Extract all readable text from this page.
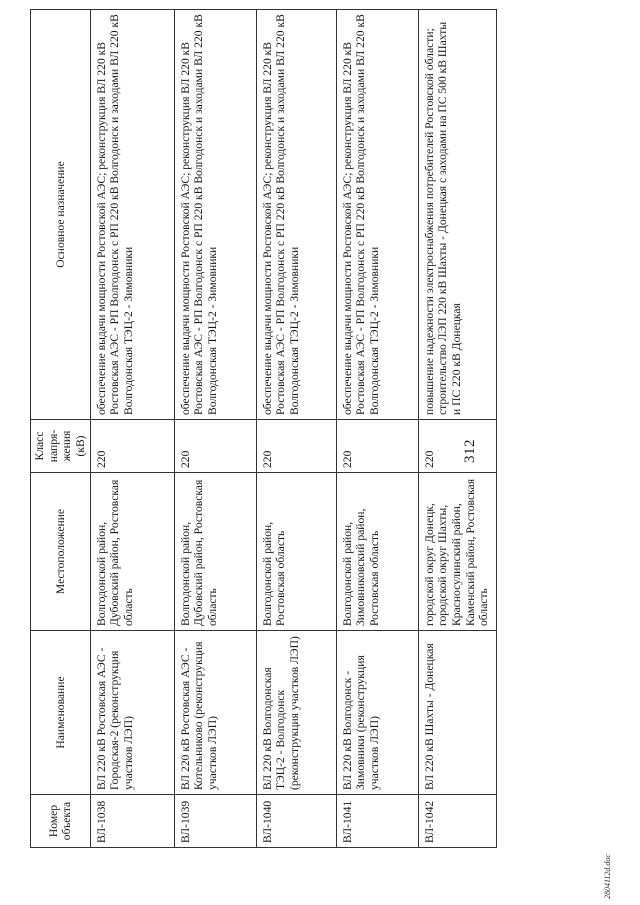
312
Номер объекта	Наименование	Местоположение	Класс напря-жения (кВ)	Основное назначение
ВЛ-1038	ВЛ 220 кВ Ростовская АЭС - Городская-2 (реконструкция участков ЛЭП)	Волгодонской район, Дубовский район, Ростовская область	220	обеспечение выдачи мощности Ростовской АЭС; реконструкция ВЛ 220 кВ Ростовская АЭС - РП Волгодонск с РП 220 кВ Волгодонск и заходами ВЛ 220 кВ Волгодонская ТЭЦ-2 - Зимовники
ВЛ-1039	ВЛ 220 кВ Ростовская АЭС - Котельниково (реконструкция участков ЛЭП)	Волгодонской район, Дубовский район, Ростовская область	220	обеспечение выдачи мощности Ростовской АЭС; реконструкция ВЛ 220 кВ Ростовская АЭС - РП Волгодонск с РП 220 кВ Волгодонск и заходами ВЛ 220 кВ Волгодонская ТЭЦ-2 - Зимовники
ВЛ-1040	ВЛ 220 кВ Волгодонская ТЭЦ-2 - Волгодонск (реконструкция участков ЛЭП)	Волгодонской район, Ростовская область	220	обеспечение выдачи мощности Ростовской АЭС; реконструкция ВЛ 220 кВ Ростовская АЭС - РП Волгодонск с РП 220 кВ Волгодонск и заходами ВЛ 220 кВ Волгодонская ТЭЦ-2 - Зимовники
ВЛ-1041	ВЛ 220 кВ Волгодонск - Зимовники (реконструкция участков ЛЭП)	Волгодонской район, Зимовниковский район, Ростовская область	220	обеспечение выдачи мощности Ростовской АЭС; реконструкция ВЛ 220 кВ Ростовская АЭС - РП Волгодонск с РП 220 кВ Волгодонск и заходами ВЛ 220 кВ Волгодонская ТЭЦ-2 - Зимовники
ВЛ-1042	ВЛ 220 кВ Шахты - Донецкая	городской округ Донецк, городской округ Шахты, Красносулинский район, Каменский район, Ростовская область	220	повышение надежности электроснабжения потребителей Ростовской области; строительство ЛЭП 220 кВ Шахты - Донецкая с заходами на ПС 500 кВ Шахты и ПС 220 кВ Донецкая
2804112d.doc
